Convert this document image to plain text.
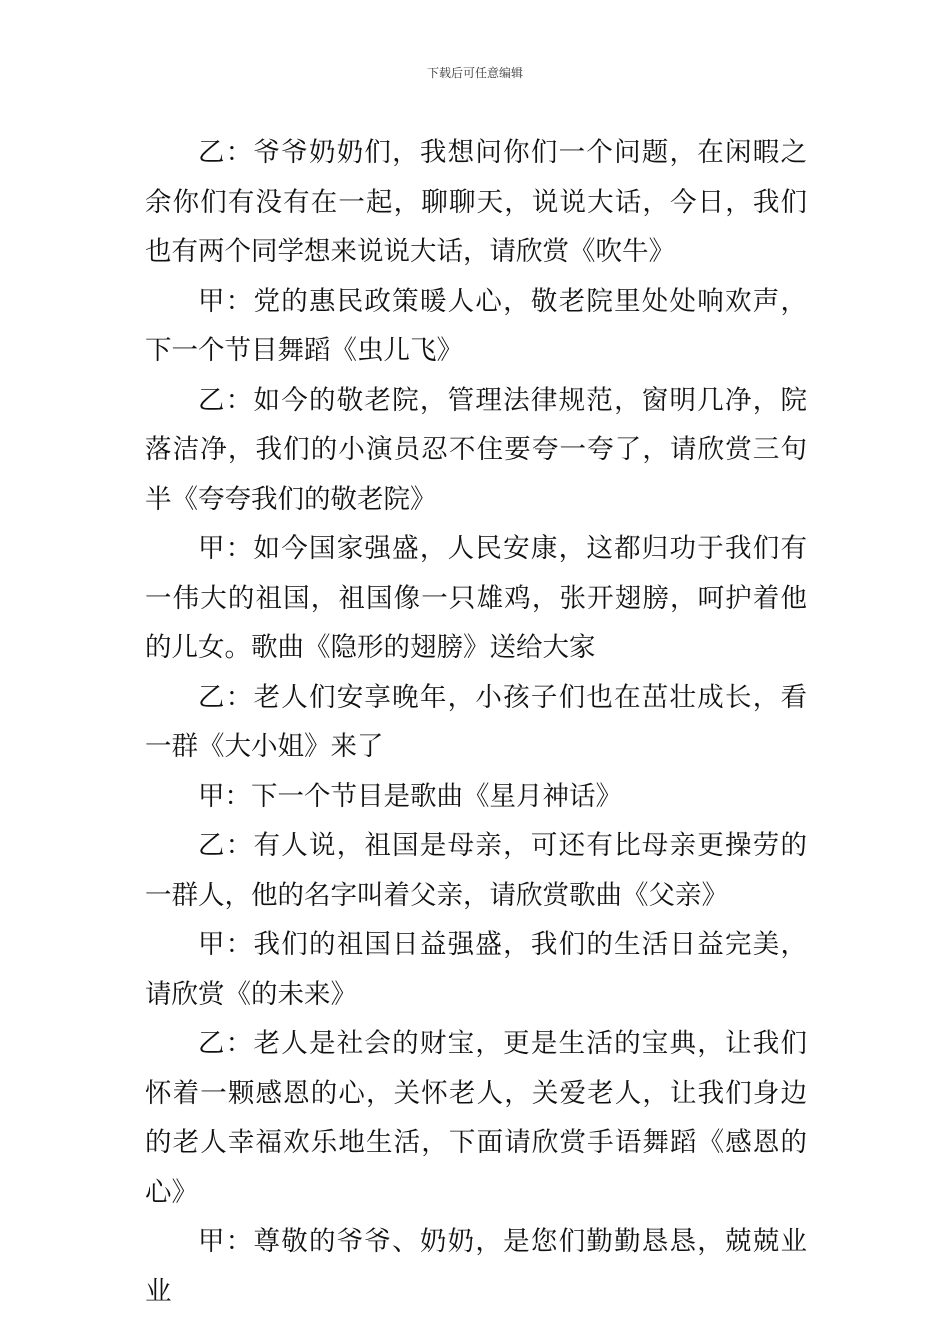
下载后可任意编辑

乙：爷爷奶奶们，我想问你们一个问题，在闲暇之余你们有没有在一起，聊聊天，说说大话，今日，我们也有两个同学想来说说大话，请欣赏《吹牛》

甲：党的惠民政策暖人心，敬老院里处处响欢声，下一个节目舞蹈《虫儿飞》

乙：如今的敬老院，管理法律规范，窗明几净，院落洁净，我们的小演员忍不住要夸一夸了，请欣赏三句半《夸夸我们的敬老院》

甲：如今国家强盛，人民安康，这都归功于我们有一伟大的祖国，祖国像一只雄鸡，张开翅膀，呵护着他的儿女。歌曲《隐形的翅膀》送给大家

乙：老人们安享晚年，小孩子们也在茁壮成长，看一群《大小姐》来了

甲：下一个节目是歌曲《星月神话》

乙：有人说，祖国是母亲，可还有比母亲更操劳的一群人，他的名字叫着父亲，请欣赏歌曲《父亲》

甲：我们的祖国日益强盛，我们的生活日益完美，请欣赏《的未来》

乙：老人是社会的财宝，更是生活的宝典，让我们怀着一颗感恩的心，关怀老人，关爱老人，让我们身边的老人幸福欢乐地生活，下面请欣赏手语舞蹈《感恩的心》

甲：尊敬的爷爷、奶奶，是您们勤勤恳恳，兢兢业业
